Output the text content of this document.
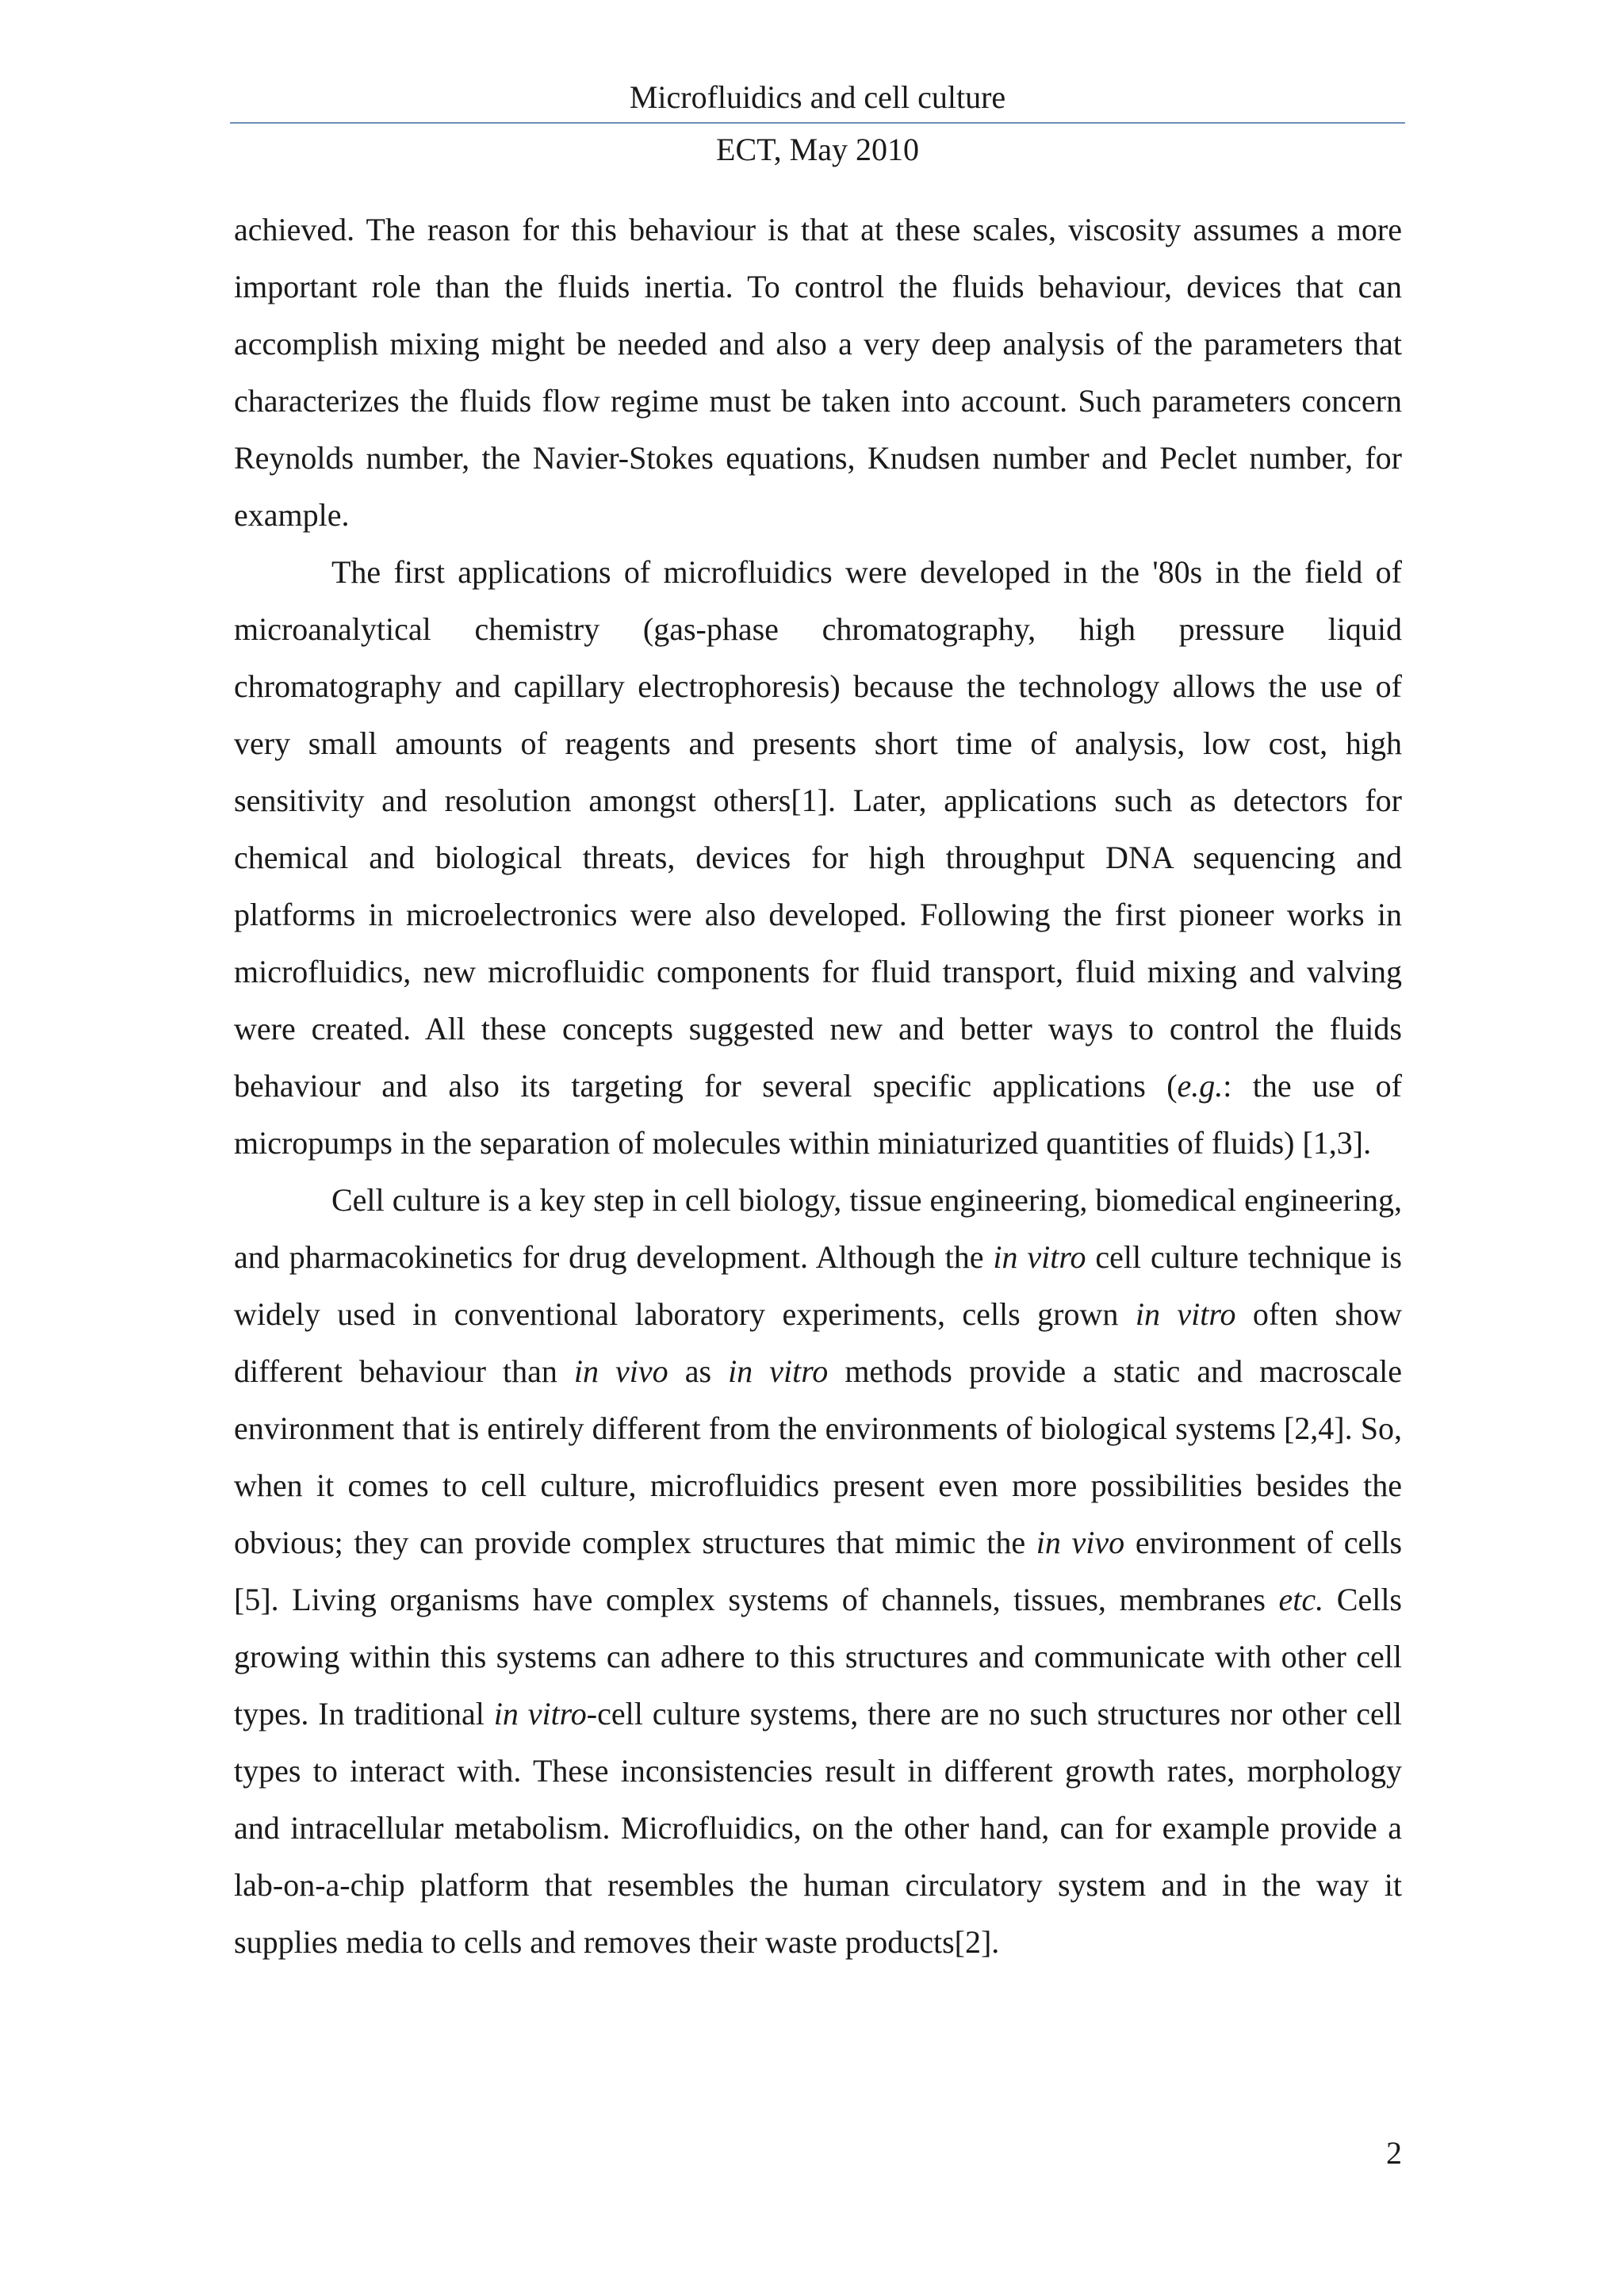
Microfluidics and cell culture
ECT, May 2010

achieved. The reason for this behaviour is that at these scales, viscosity assumes a more important role than the fluids inertia. To control the fluids behaviour, devices that can accomplish mixing might be needed and also a very deep analysis of the parameters that characterizes the fluids flow regime must be taken into account. Such parameters concern Reynolds number, the Navier-Stokes equations, Knudsen number and Peclet number, for example.

The first applications of microfluidics were developed in the '80s in the field of microanalytical chemistry (gas-phase chromatography, high pressure liquid chromatography and capillary electrophoresis) because the technology allows the use of very small amounts of reagents and presents short time of analysis, low cost, high sensitivity and resolution amongst others[1]. Later, applications such as detectors for chemical and biological threats, devices for high throughput DNA sequencing and platforms in microelectronics were also developed. Following the first pioneer works in microfluidics, new microfluidic components for fluid transport, fluid mixing and valving were created. All these concepts suggested new and better ways to control the fluids behaviour and also its targeting for several specific applications (e.g.: the use of micropumps in the separation of molecules within miniaturized quantities of fluids) [1,3].

Cell culture is a key step in cell biology, tissue engineering, biomedical engineering, and pharmacokinetics for drug development. Although the in vitro cell culture technique is widely used in conventional laboratory experiments, cells grown in vitro often show different behaviour than in vivo as in vitro methods provide a static and macroscale environment that is entirely different from the environments of biological systems [2,4]. So, when it comes to cell culture, microfluidics present even more possibilities besides the obvious; they can provide complex structures that mimic the in vivo environment of cells [5]. Living organisms have complex systems of channels, tissues, membranes etc. Cells growing within this systems can adhere to this structures and communicate with other cell types. In traditional in vitro-cell culture systems, there are no such structures nor other cell types to interact with. These inconsistencies result in different growth rates, morphology and intracellular metabolism. Microfluidics, on the other hand, can for example provide a lab-on-a-chip platform that resembles the human circulatory system and in the way it supplies media to cells and removes their waste products[2].

2
